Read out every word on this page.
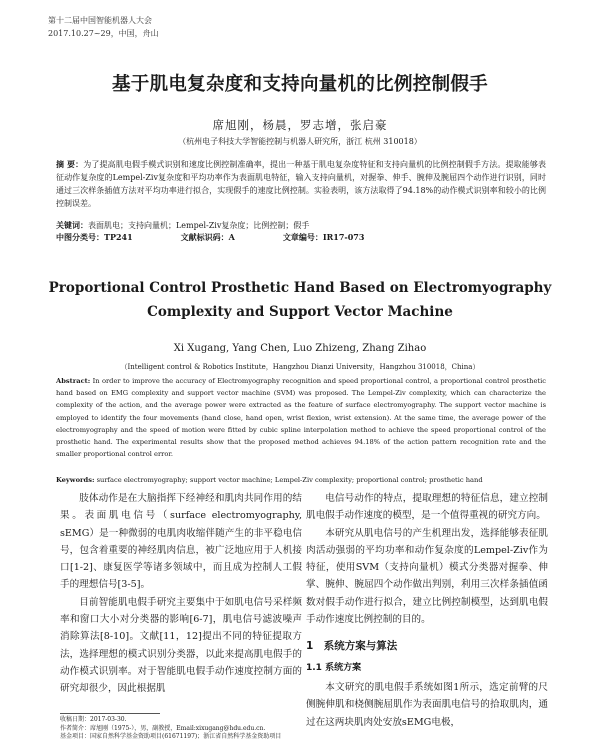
第十二届中国智能机器人大会
2017.10.27~29，中国，舟山
基于肌电复杂度和支持向量机的比例控制假手
席旭刚，杨晨，罗志增，张启豪
（杭州电子科技大学智能控制与机器人研究所，浙江 杭州 310018）
摘 要：为了提高肌电假手模式识别和速度比例控制准确率，提出一种基于肌电复杂度特征和支持向量机的比例控制假手方法。提取能够表征动作复杂度的Lempel-Ziv复杂度和平均功率作为表面肌电特征，输入支持向量机，对握拳、伸手、腕伸及腕屈四个动作进行识别，同时通过三次样条插值方法对平均功率进行拟合，实现假手的速度比例控制。实验表明，该方法取得了94.18%的动作模式识别率和较小的比例控制误差。
关键词：表面肌电；支持向量机；Lempel-Ziv复杂度；比例控制；假手
中图分类号：TP241	文献标识码：A	文章编号：IR17-073
Proportional Control Prosthetic Hand Based on Electromyography
Complexity and Support Vector Machine
Xi Xugang, Yang Chen, Luo Zhizeng, Zhang Zihao
（Intelligent control & Robotics Institute，Hangzhou Dianzi University，Hangzhou 310018，China）
Abstract: In order to improve the accuracy of Electromyography recognition and speed proportional control, a proportional control prosthetic hand based on EMG complexity and support vector machine (SVM) was proposed. The Lempel-Ziv complexity, which can characterize the complexity of the action, and the average power were extracted as the feature of surface electromyography. The support vector machine is employed to identify the four movements (hand close, hand open, wrist flexion, wrist extension). At the same time, the average power of the electromyography and the speed of motion were fitted by cubic spline interpolation method to achieve the speed proportional control of the prosthetic hand. The experimental results show that the proposed method achieves 94.18% of the action pattern recognition rate and the smaller proportional control error.
Keywords: surface electromyography; support vector machine; Lempel-Ziv complexity; proportional control; prosthetic hand

肢体动作是在大脑指挥下经神经和肌肉共同作用的结果。表面肌电信号（surface electromyography, sEMG）是一种微弱的电肌肉收缩伴随产生的非平稳电信号，包含着重要的神经肌肉信息，被广泛地应用于人机接口[1-2]、康复医学等诸多领域中，而且成为控制人工假手的理想信号[3-5]。

目前智能肌电假手研究主要集中于如肌电信号采样频率和窗口大小对分类器的影响[6-7]，肌电信号滤波噪声消除算法[8-10]。文献[11，12]提出不同的特征提取方法，选择理想的模式识别分类器，以此来提高肌电假手的动作模式识别率。对于智能肌电假手动作速度控制方面的研究却很少，因此根据肌

电信号动作的特点，提取理想的特征信息，建立控制肌电假手动作速度的模型，是一个值得重视的研究方向。

本研究从肌电信号的产生机理出发，选择能够表征肌肉活动强弱的平均功率和动作复杂度的Lempel-Ziv作为特征，使用SVM（支持向量机）模式分类器对握拳、伸掌、腕伸、腕屈四个动作做出判别，利用三次样条插值函数对假手动作进行拟合，建立比例控制模型，达到肌电假手动作速度比例控制的目的。

1　系统方案与算法
1.1 系统方案

本文研究的肌电假手系统如图1所示，选定前臂的尺侧腕伸肌和桡侧腕屈肌作为表面肌电信号的拾取肌肉，通过在这两块肌肉处安放sEMG电极，

收稿日期：2017-03-30.
作者简介：席旭刚（1975-），男，副教授，Email:xixugang@hdu.edu.cn.
基金项目：国家自然科学基金资助项目(61671197)；浙江省自然科学基金资助项目
